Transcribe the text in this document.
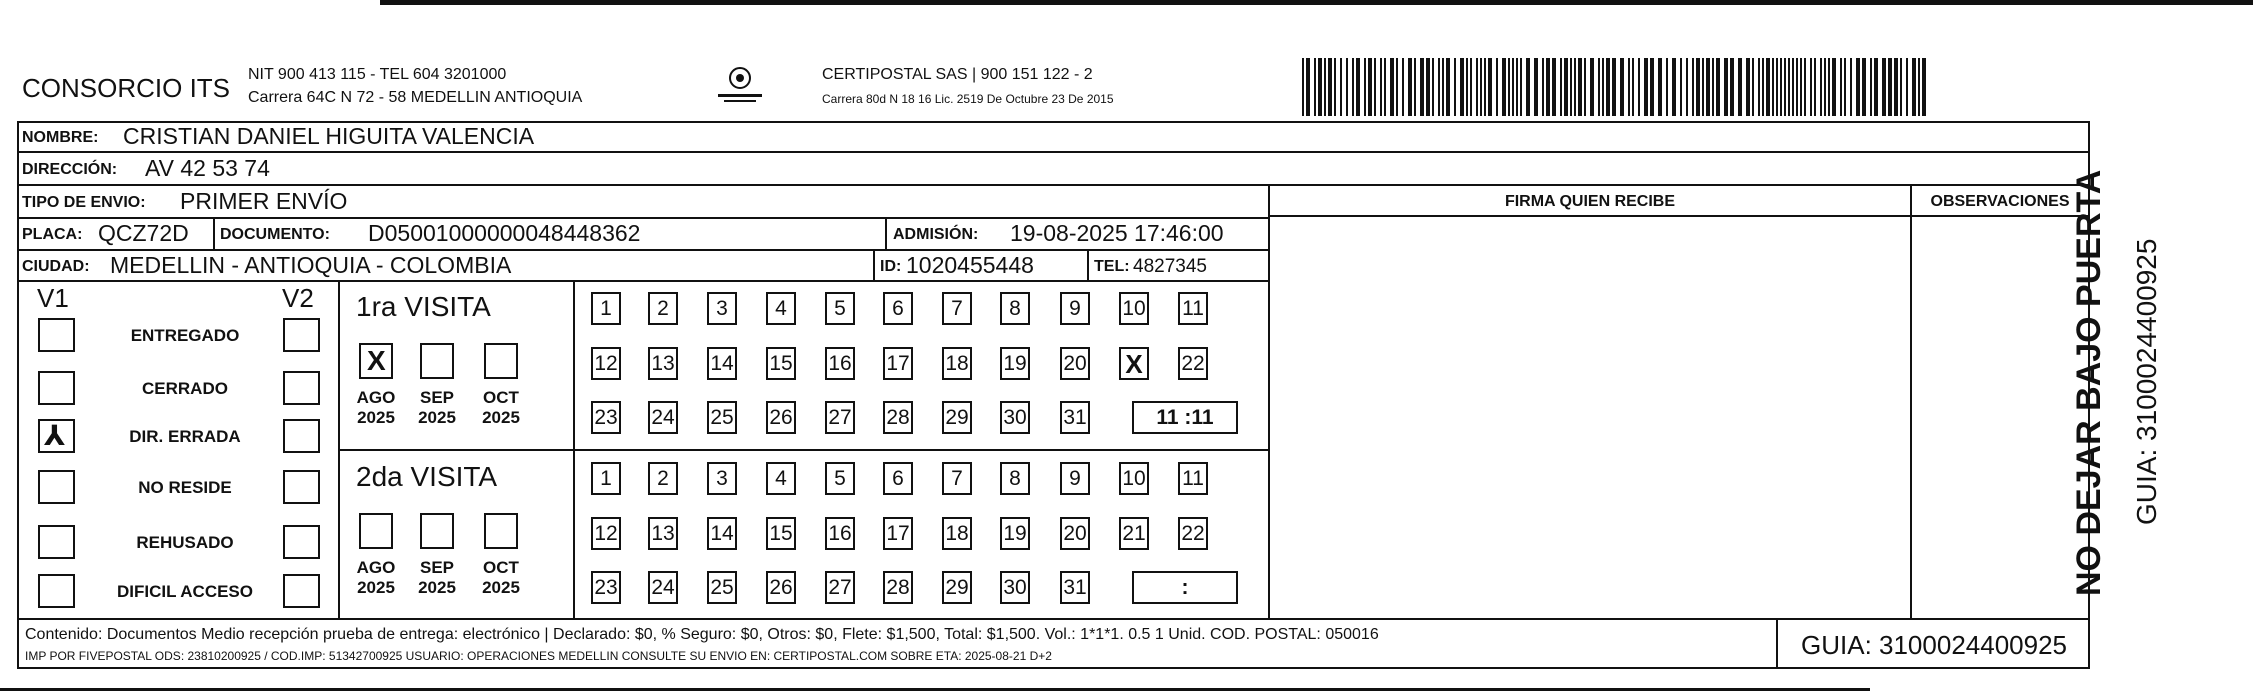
CONSORCIO ITS NIT 900 413 115 - TEL 604 3201000
Carrera 64C N 72 - 58 MEDELLIN ANTIOQUIA
CERTIPOSTAL SAS | 900 151 122 - 2
Carrera 80d N 18 16 Lic. 2519 De Octubre 23 De 2015
NOMBRE: CRISTIAN DANIEL HIGUITA VALENCIA
DIRECCIÓN: AV 42 53 74
TIPO DE ENVIO: PRIMER ENVÍO
PLACA: QCZ72D DOCUMENTO: D05001000000048448362	ADMISIÓN: 19-08-2025 17:46:00
CIUDAD: MEDELLIN - ANTIOQUIA - COLOMBIA	ID: 1020455448	TEL: 4827345
FIRMA QUIEN RECIBE	OBSERVACIONES
V1	V2
ENTREGADO
CERRADO
⅄	DIR. ERRADA
NO RESIDE
REHUSADO
DIFICIL ACCESO
1ra VISITA
X
AGO
2025
SEP
2025
OCT
2025
1 2 3 4 5 6 7 8 9 10 11
12 13 14 15 16 17 18 19 20 X 22
23 24 25 26 27 28 29 30 31	11 :11
2da VISITA
AGO
2025
SEP
2025
OCT
2025
1 2 3 4 5 6 7 8 9 10 11
12 13 14 15 16 17 18 19 20 21 22
23 24 25 26 27 28 29 30 31	:
Contenido: Documentos Medio recepción prueba de entrega: electrónico | Declarado: $0, % Seguro: $0, Otros: $0, Flete: $1,500, Total: $1,500. Vol.: 1*1*1. 0.5 1 Unid. COD. POSTAL: 050016
IMP POR FIVEPOSTAL ODS: 23810200925 / COD.IMP: 51342700925 USUARIO: OPERACIONES MEDELLIN CONSULTE SU ENVIO EN: CERTIPOSTAL.COM SOBRE ETA: 2025-08-21 D+2	GUIA: 3100024400925
NO DEJAR BAJO PUERTA GUIA: 3100024400925
